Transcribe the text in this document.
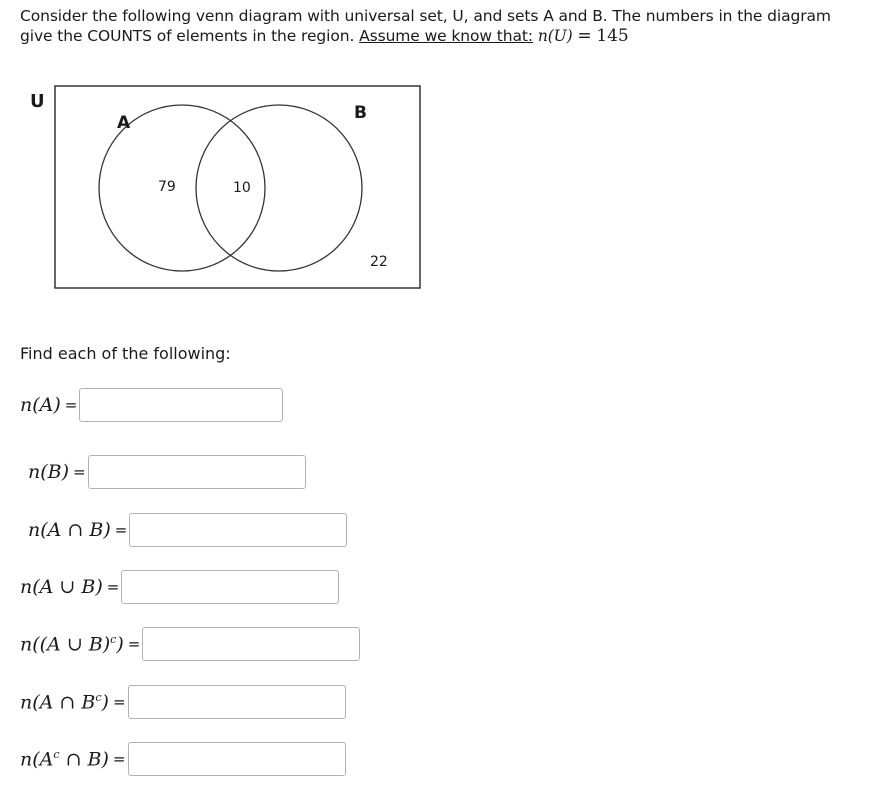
Consider the following venn diagram with universal set, U, and sets A and B. The numbers in the diagram
give the COUNTS of elements in the region. Assume we know that: n(U) = 145
U
A	B
79	10
22
Find each of the following:
n(A) =
n(B) =
n(A ∩ B) =
n(A ∪ B) =
n((A ∪ B)$^c$) =
n(A ∩ $B^c$) =
$n(A^c$ ∩ B) =
